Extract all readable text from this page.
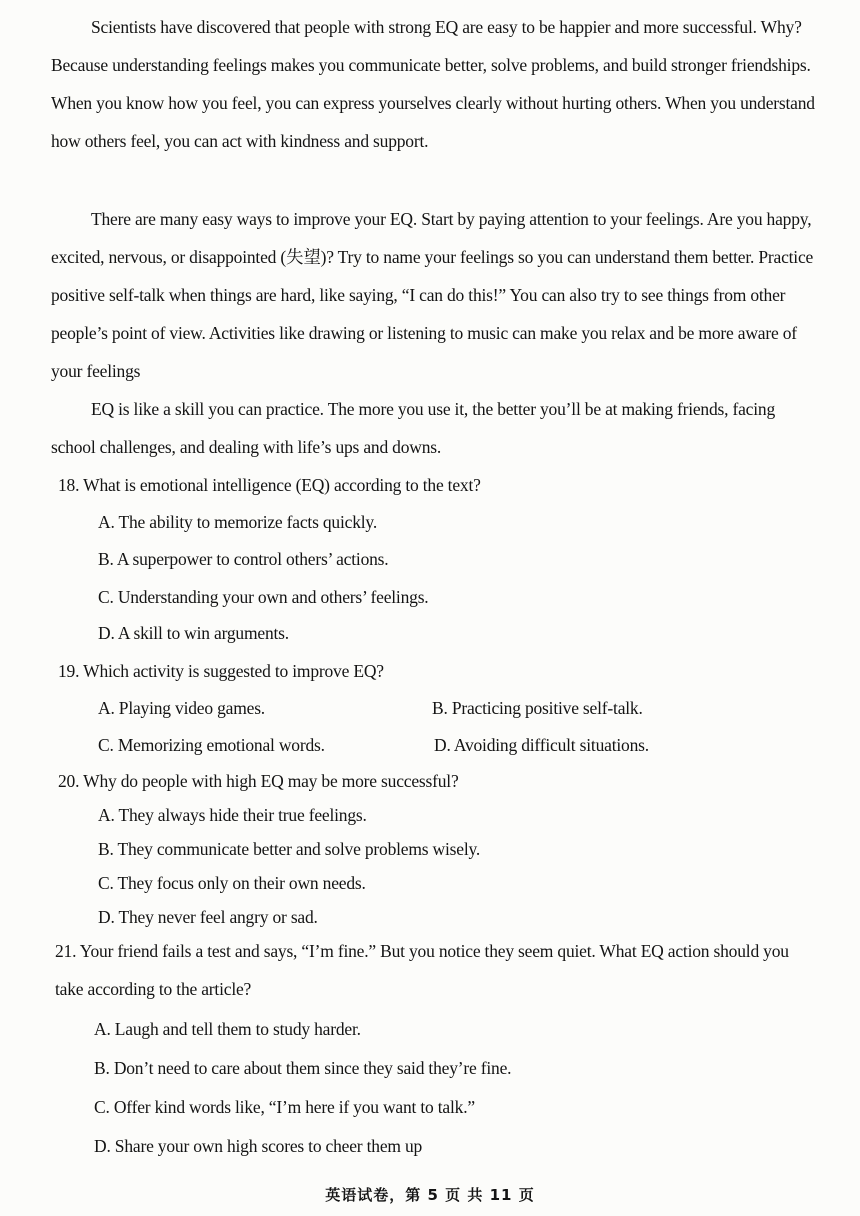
Scientists have discovered that people with strong EQ are easy to be happier and more successful. Why? Because understanding feelings makes you communicate better, solve problems, and build stronger friendships. When you know how you feel, you can express yourselves clearly without hurting others. When you understand how others feel, you can act with kindness and support.

There are many easy ways to improve your EQ. Start by paying attention to your feelings. Are you happy, excited, nervous, or disappointed (失望)? Try to name your feelings so you can understand them better. Practice positive self-talk when things are hard, like saying, “I can do this!” You can also try to see things from other people’s point of view. Activities like drawing or listening to music can make you relax and be more aware of your feelings

EQ is like a skill you can practice. The more you use it, the better you’ll be at making friends, facing school challenges, and dealing with life’s ups and downs.

18. What is emotional intelligence (EQ) according to the text?

A. The ability to memorize facts quickly.

B. A superpower to control others’ actions.

C. Understanding your own and others’ feelings.

D. A skill to win arguments.

19. Which activity is suggested to improve EQ?

A. Playing video games.	B. Practicing positive self-talk.

C. Memorizing emotional words.	D. Avoiding difficult situations.

20. Why do people with high EQ may be more successful?

A. They always hide their true feelings.

B. They communicate better and solve problems wisely.

C. They focus only on their own needs.

D. They never feel angry or sad.

21. Your friend fails a test and says, “I’m fine.” But you notice they seem quiet. What EQ action should you take according to the article?

A. Laugh and tell them to study harder.

B. Don’t need to care about them since they said they’re fine.

C. Offer kind words like, “I’m here if you want to talk.”

D. Share your own high scores to cheer them up

英语试卷，第 5 页 共 11 页
